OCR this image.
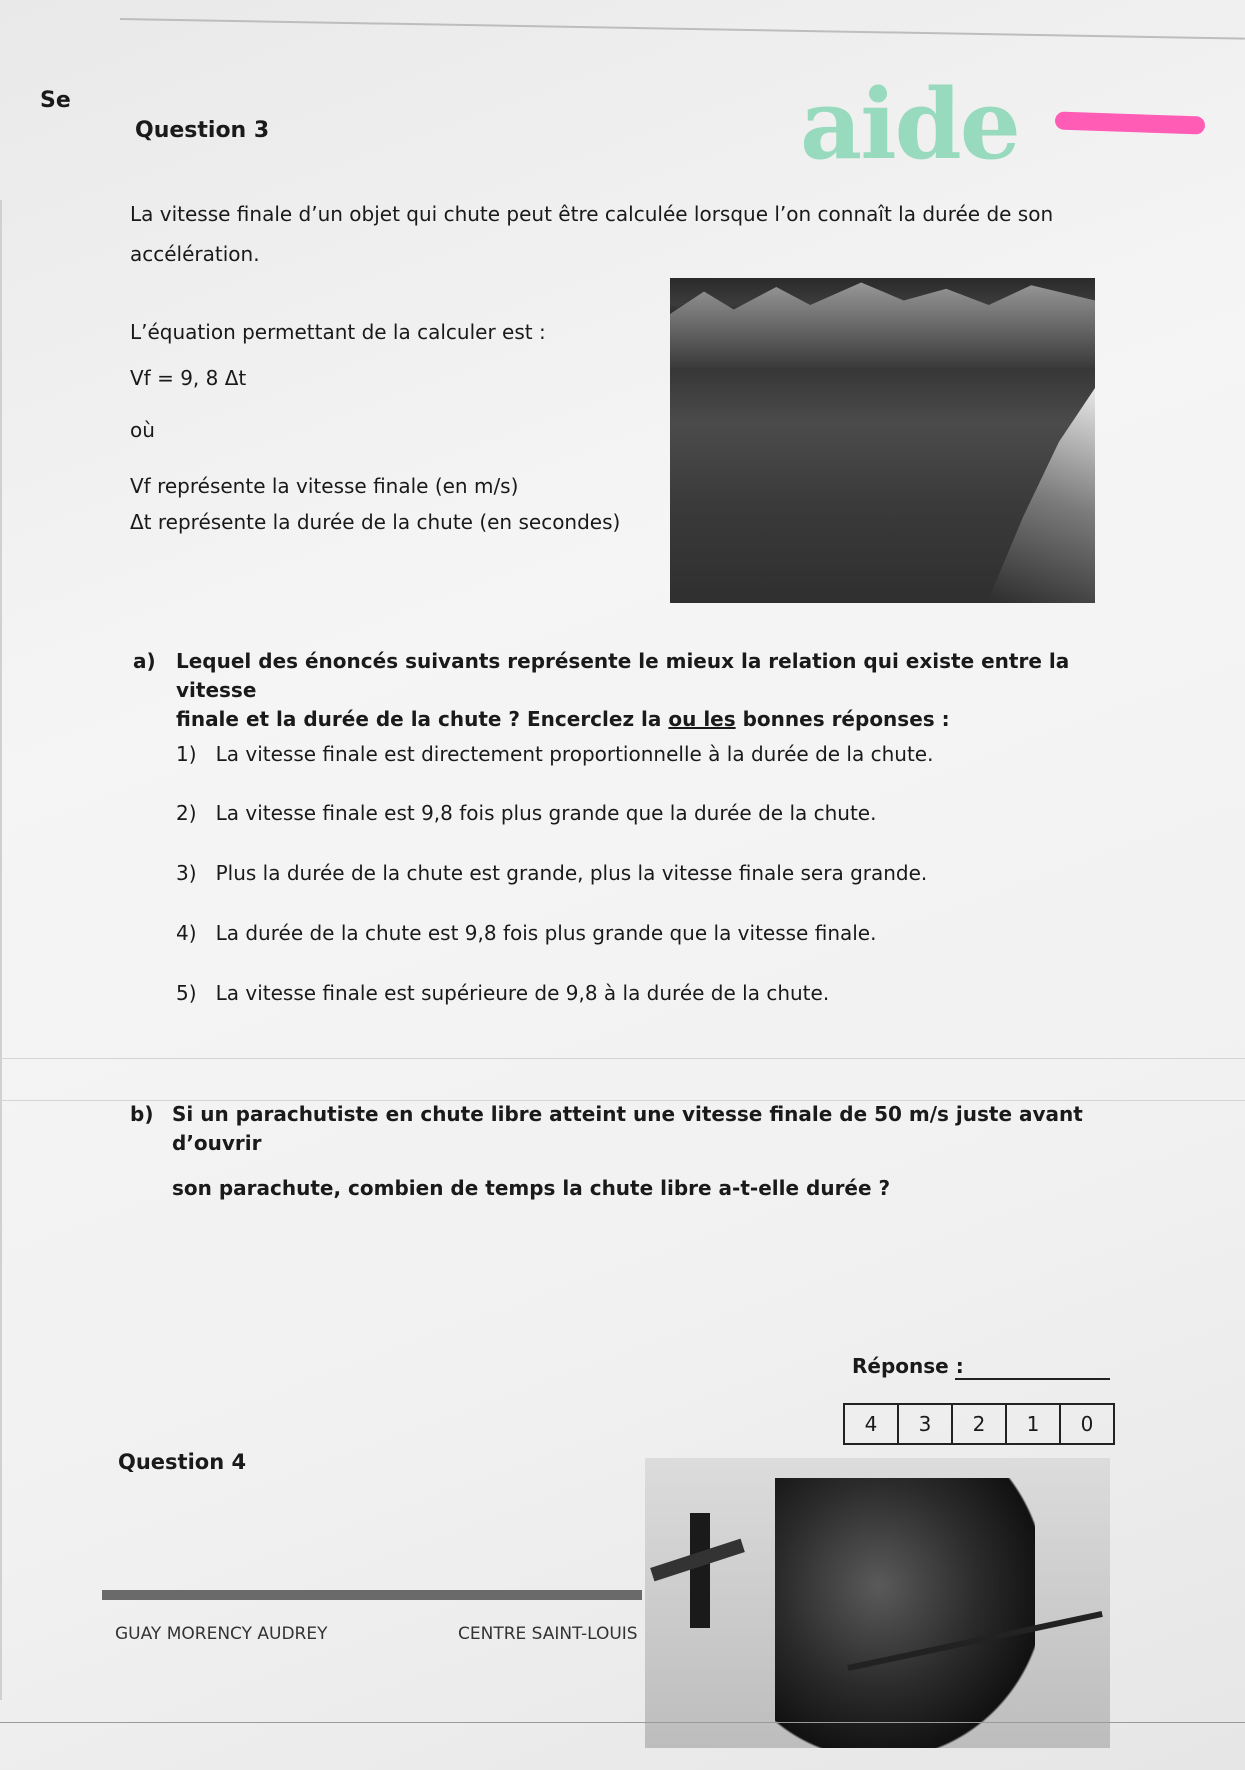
Se
Question 3	aide
La vitesse finale d’un objet qui chute peut être calculée lorsque l’on connaît la durée de son
accélération.
L’équation permettant de la calculer est :
Vf = 9, 8 Δt
où
Vf représente la vitesse finale (en m/s)
Δt représente la durée de la chute (en secondes)
a) Lequel des énoncés suivants représente le mieux la relation qui existe entre la vitesse
finale et la durée de la chute ? Encerclez la ou les bonnes réponses :
1) La vitesse finale est directement proportionnelle à la durée de la chute.
2) La vitesse finale est 9,8 fois plus grande que la durée de la chute.
3) Plus la durée de la chute est grande, plus la vitesse finale sera grande.
4) La durée de la chute est 9,8 fois plus grande que la vitesse finale.
5) La vitesse finale est supérieure de 9,8 à la durée de la chute.
b) Si un parachutiste en chute libre atteint une vitesse finale de 50 m/s juste avant d’ouvrir
son parachute, combien de temps la chute libre a-t-elle durée ?
Réponse :
4	3	2	1	0
Question 4
GUAY MORENCY AUDREY	CENTRE SAINT-LOUIS
